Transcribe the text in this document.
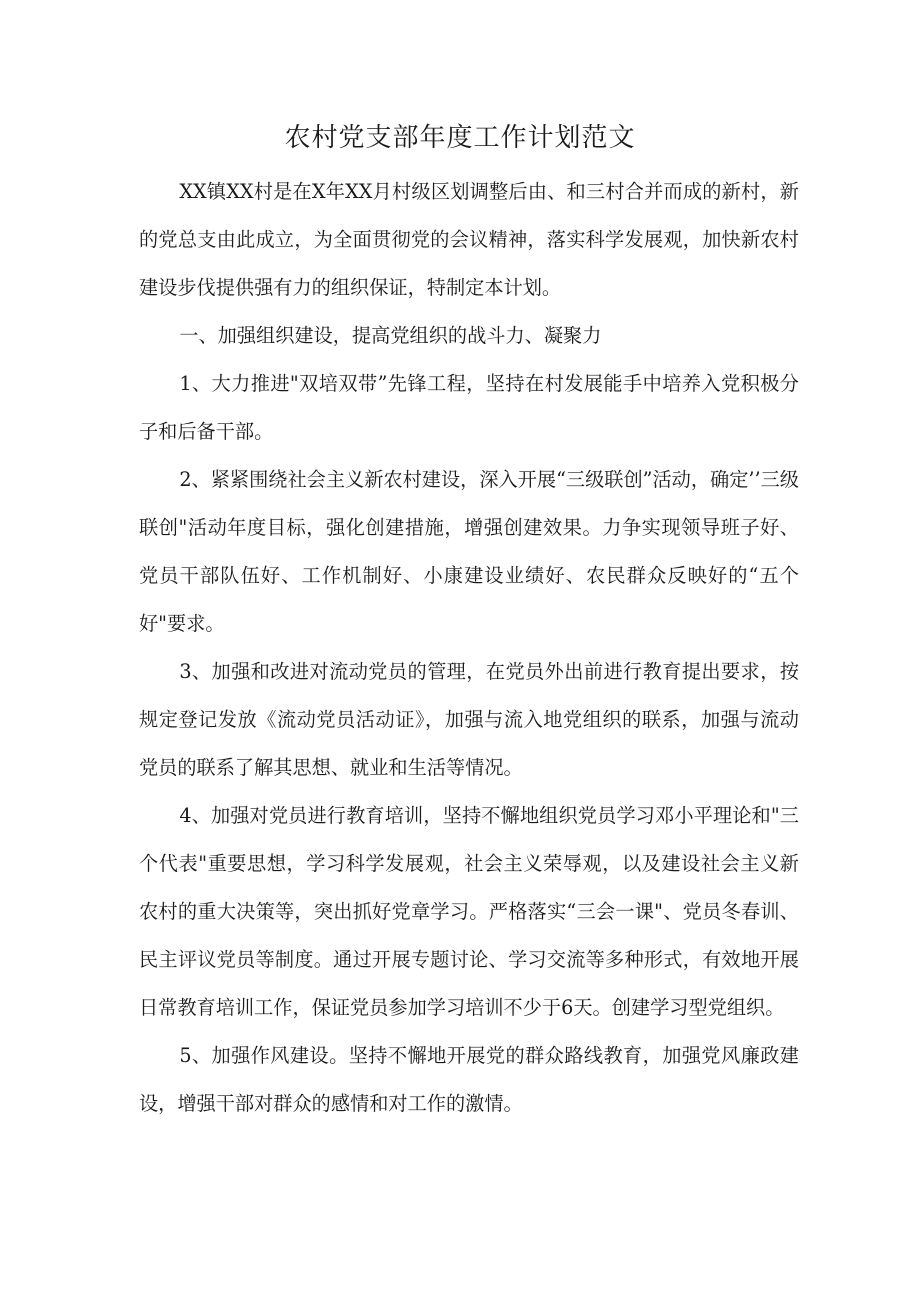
农村党支部年度工作计划范文

XX镇XX村是在X年XX月村级区划调整后由、和三村合并而成的新村，新的党总支由此成立，为全面贯彻党的会议精神，落实科学发展观，加快新农村建设步伐提供强有力的组织保证，特制定本计划。

一、加强组织建设，提高党组织的战斗力、凝聚力

1、大力推进"双培双带”先锋工程，坚持在村发展能手中培养入党积极分子和后备干部。

2、紧紧围绕社会主义新农村建设，深入开展“三级联创”活动，确定’’三级联创"活动年度目标，强化创建措施，增强创建效果。力争实现领导班子好、党员干部队伍好、工作机制好、小康建设业绩好、农民群众反映好的“五个好"要求。

3、加强和改进对流动党员的管理，在党员外出前进行教育提出要求，按规定登记发放《流动党员活动证》，加强与流入地党组织的联系，加强与流动党员的联系了解其思想、就业和生活等情况。

4、加强对党员进行教育培训，坚持不懈地组织党员学习邓小平理论和"三个代表"重要思想，学习科学发展观，社会主义荣辱观，以及建设社会主义新农村的重大决策等，突出抓好党章学习。严格落实“三会一课"、党员冬春训、民主评议党员等制度。通过开展专题讨论、学习交流等多种形式，有效地开展日常教育培训工作，保证党员参加学习培训不少于6天。创建学习型党组织。

5、加强作风建设。坚持不懈地开展党的群众路线教育，加强党风廉政建设，增强干部对群众的感情和对工作的激情。
